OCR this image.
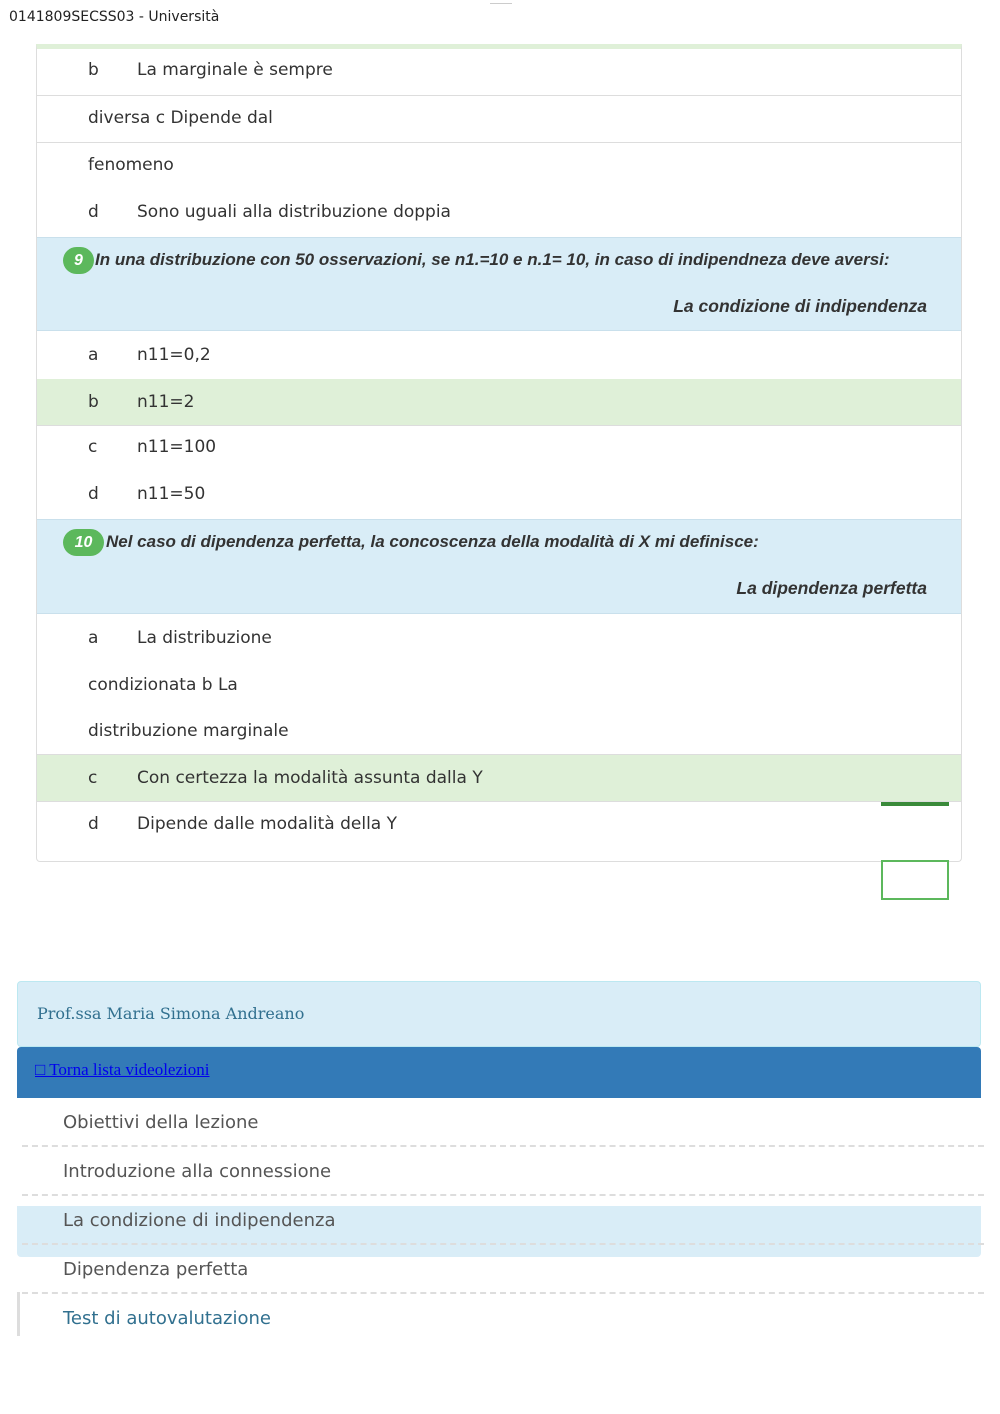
0141809SECSS03 - Università
b La marginale è sempre
diversa c Dipende dal
fenomeno
d Sono uguali alla distribuzione doppia
9 In una distribuzione con 50 osservazioni, se n1.=10 e n.1= 10, in caso di indipendneza deve aversi:
La condizione di indipendenza
a n11=0,2
b n11=2
c n11=100
d n11=50
10 Nel caso di dipendenza perfetta, la concoscenza della modalità di X mi definisce:
La dipendenza perfetta
a La distribuzione
condizionata b La
distribuzione marginale
c Con certezza la modalità assunta dalla Y
d Dipende dalle modalità della Y
Prof.ssa Maria Simona Andreano
□ Torna lista videolezioni
Obiettivi della lezione
Introduzione alla connessione
La condizione di indipendenza
Dipendenza perfetta
Test di autovalutazione
